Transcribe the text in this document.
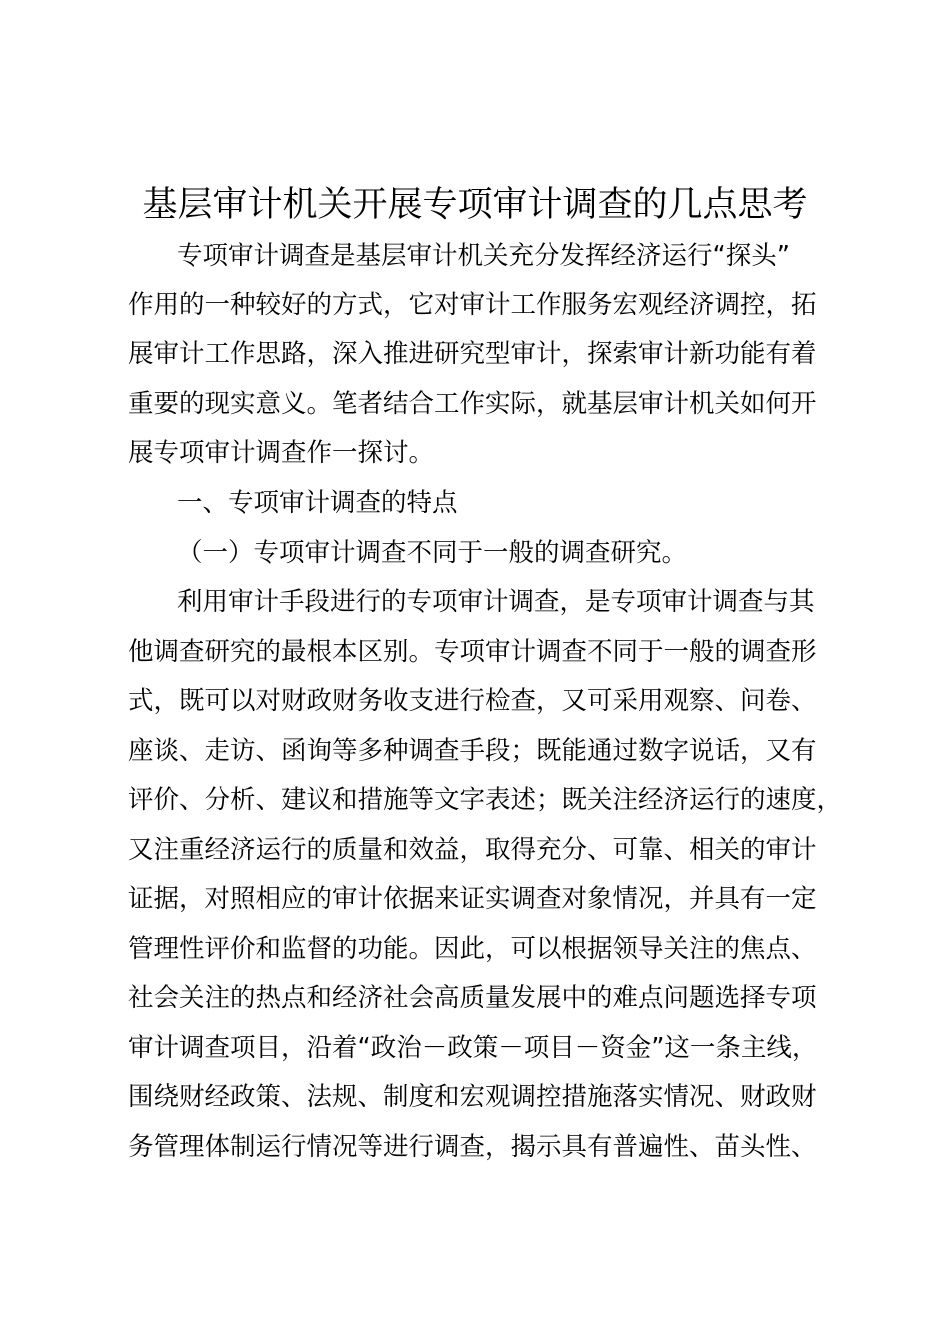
基层审计机关开展专项审计调查的几点思考
专项审计调查是基层审计机关充分发挥经济运行“探头”
作用的一种较好的方式，它对审计工作服务宏观经济调控，拓
展审计工作思路，深入推进研究型审计，探索审计新功能有着
重要的现实意义。笔者结合工作实际，就基层审计机关如何开
展专项审计调查作一探讨。
一、专项审计调查的特点
（一）专项审计调查不同于一般的调查研究。
利用审计手段进行的专项审计调查，是专项审计调查与其
他调查研究的最根本区别。专项审计调查不同于一般的调查形
式，既可以对财政财务收支进行检查，又可采用观察、问卷、
座谈、走访、函询等多种调查手段；既能通过数字说话，又有
评价、分析、建议和措施等文字表述；既关注经济运行的速度，
又注重经济运行的质量和效益，取得充分、可靠、相关的审计
证据，对照相应的审计依据来证实调查对象情况，并具有一定
管理性评价和监督的功能。因此，可以根据领导关注的焦点、
社会关注的热点和经济社会高质量发展中的难点问题选择专项
审计调查项目，沿着“政治－政策－项目－资金”这一条主线，
围绕财经政策、法规、制度和宏观调控措施落实情况、财政财
务管理体制运行情况等进行调查，揭示具有普遍性、苗头性、
